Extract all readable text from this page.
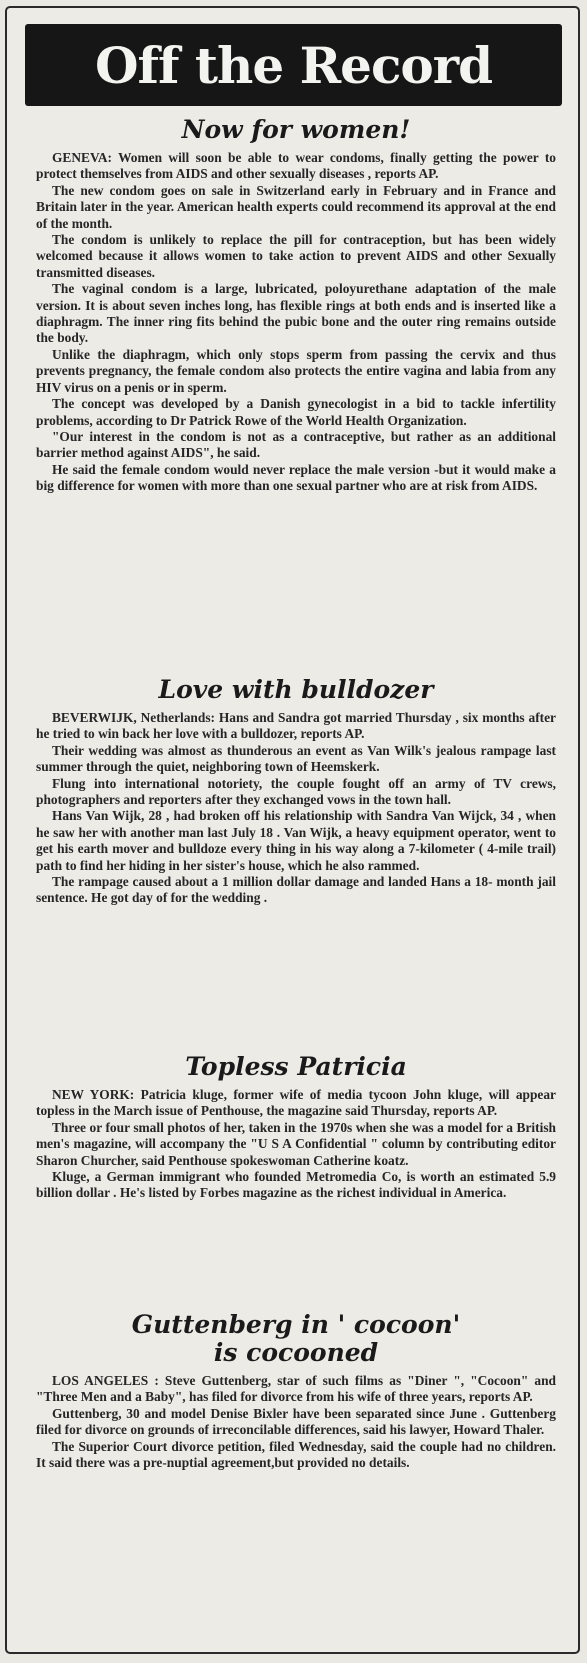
Off the Record
Now for women!

GENEVA: Women will soon be able to wear condoms, finally getting the power to protect themselves from AIDS and other sexually diseases , reports AP.

The new condom goes on sale in Switzerland early in February and in France and Britain later in the year. American health experts could recommend its approval at the end of the month.

The condom is unlikely to replace the pill for contraception, but has been widely welcomed because it allows women to take action to prevent AIDS and other Sexually transmitted diseases.

The vaginal condom is a large, lubricated, poloyurethane adaptation of the male version. It is about seven inches long, has flexible rings at both ends and is inserted like a diaphragm. The inner ring fits behind the pubic bone and the outer ring remains outside the body.

Unlike the diaphragm, which only stops sperm from passing the cervix and thus prevents pregnancy, the female condom also protects the entire vagina and labia from any HIV virus on a penis or in sperm.

The concept was developed by a Danish gynecologist in a bid to tackle infertility problems, according to Dr Patrick Rowe of the World Health Organization.

"Our interest in the condom is not as a contraceptive, but rather as an additional barrier method against AIDS", he said.

He said the female condom would never replace the male version -but it would make a big difference for women with more than one sexual partner who are at risk from AIDS.

Love with bulldozer

BEVERWIJK, Netherlands: Hans and Sandra got married Thursday , six months after he tried to win back her love with a bulldozer, reports AP.

Their wedding was almost as thunderous an event as Van Wilk's jealous rampage last summer through the quiet, neighboring town of Heemskerk.

Flung into international notoriety, the couple fought off an army of TV crews, photographers and reporters after they exchanged vows in the town hall.

Hans Van Wijk, 28 , had broken off his relationship with Sandra Van Wijck, 34 , when he saw her with another man last July 18 . Van Wijk, a heavy equipment operator, went to get his earth mover and bulldoze every thing in his way along a 7-kilometer ( 4-mile trail) path to find her hiding in her sister's house, which he also rammed.

The rampage caused about a 1 million dollar damage and landed Hans a 18- month jail sentence. He got day of for the wedding .

Topless Patricia

NEW YORK: Patricia kluge, former wife of media tycoon John kluge, will appear topless in the March issue of Penthouse, the magazine said Thursday, reports AP.

Three or four small photos of her, taken in the 1970s when she was a model for a British men's magazine, will accompany the "U S A Confidential " column by contributing editor Sharon Churcher, said Penthouse spokeswoman Catherine koatz.

Kluge, a German immigrant who founded Metromedia Co, is worth an estimated 5.9 billion dollar . He's listed by Forbes magazine as the richest individual in America.

Guttenberg in ' cocoon'
is cocooned

LOS ANGELES : Steve Guttenberg, star of such films as "Diner ", "Cocoon" and "Three Men and a Baby", has filed for divorce from his wife of three years, reports AP.

Guttenberg, 30 and model Denise Bixler have been separated since June . Guttenberg filed for divorce on grounds of irreconcilable differences, said his lawyer, Howard Thaler.

The Superior Court divorce petition, filed Wednesday, said the couple had no children. It said there was a pre-nuptial agreement,but provided no details.
